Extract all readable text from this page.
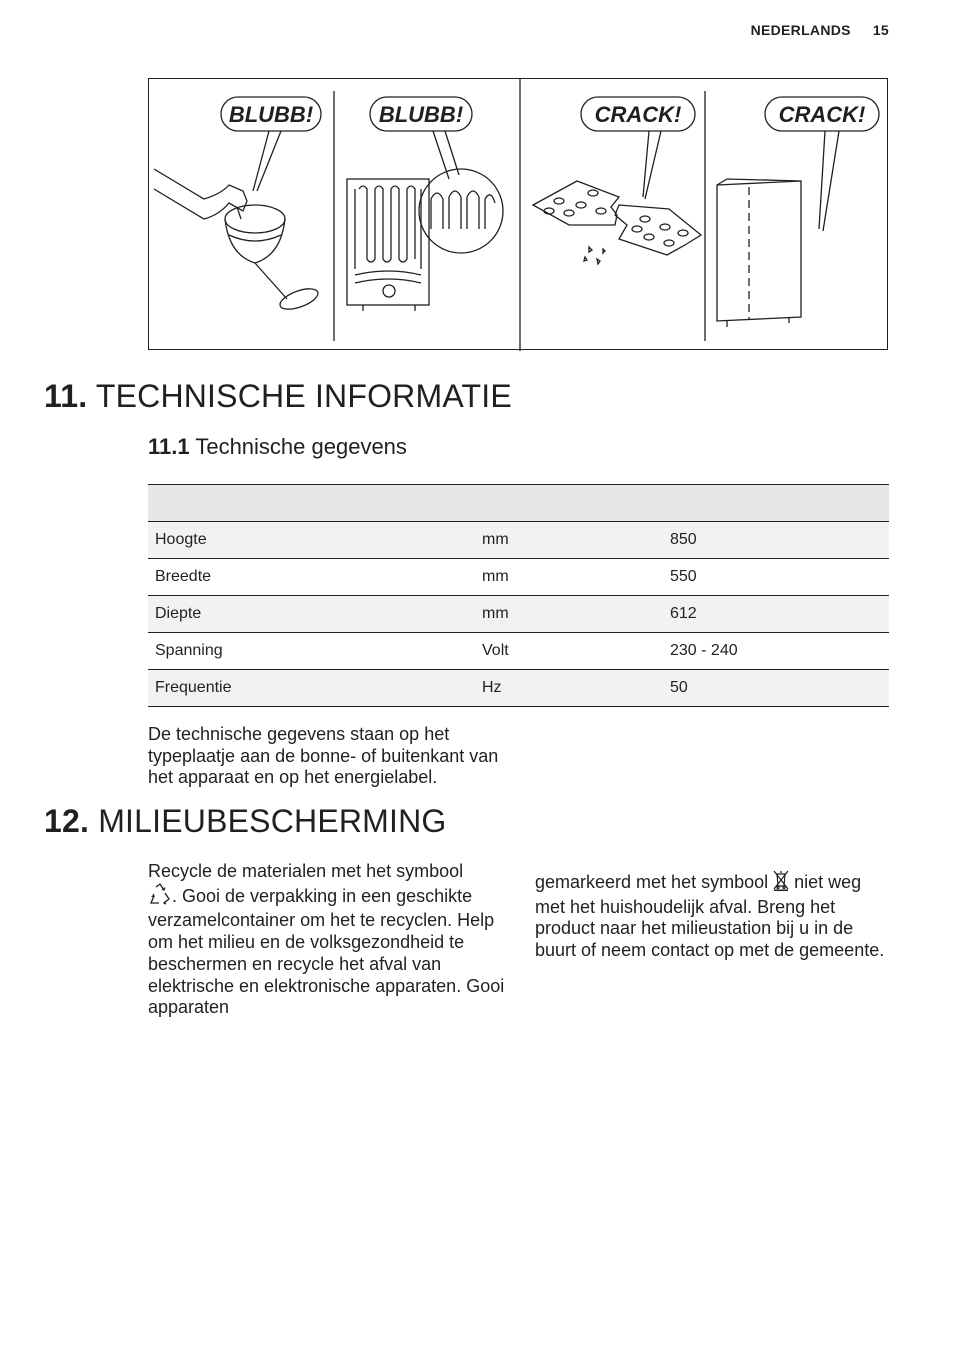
NEDERLANDS 15
BLUBB!	BLUBB!	CRACK!	CRACK!
11. TECHNISCHE INFORMATIE
11.1 Technische gegevens

Hoogte	mm	850
Breedte	mm	550
Diepte	mm	612
Spanning	Volt	230 - 240
Frequentie	Hz	50

De technische gegevens staan op het typeplaatje aan de bonne- of buitenkant van het apparaat en op het energielabel.

12. MILIEUBESCHERMING

Recycle de materialen met het symbool
. Gooi de verpakking in een geschikte verzamelcontainer om het te recyclen. Help om het milieu en de volksgezondheid te beschermen en recycle het afval van elektrische en elektronische apparaten. Gooi apparaten

gemarkeerd met het symbool  niet weg met het huishoudelijk afval. Breng het product naar het milieustation bij u in de buurt of neem contact op met de gemeente.
